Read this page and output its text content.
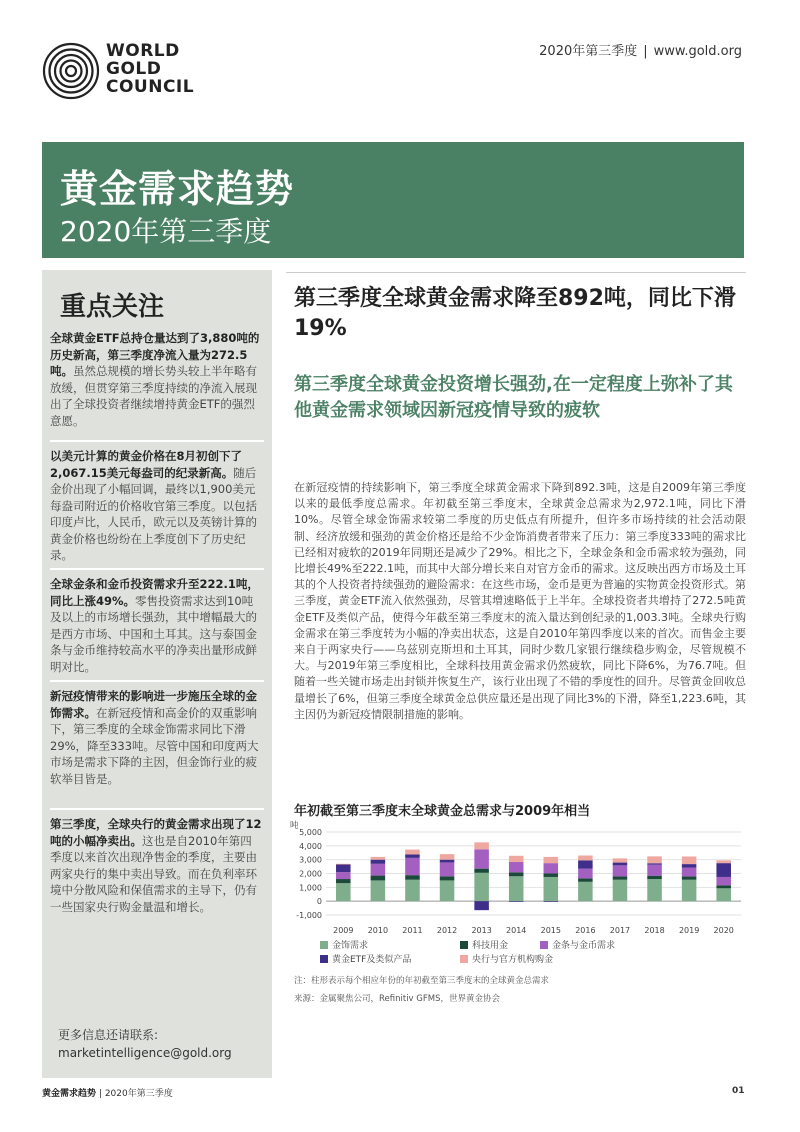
WORLD
GOLD
COUNCIL
2020年第三季度 | www.gold.org
黄金需求趋势
2020年第三季度
重点关注
全球黄金ETF总持仓量达到了3,880吨的历史新高，第三季度净流入量为272.5吨。虽然总规模的增长势头较上半年略有放缓，但贯穿第三季度持续的净流入展现出了全球投资者继续增持黄金ETF的强烈意愿。
以美元计算的黄金价格在8月初创下了2,067.15美元每盎司的纪录新高。随后金价出现了小幅回调，最终以1,900美元每盎司附近的价格收官第三季度。以包括印度卢比，人民币，欧元以及英镑计算的黄金价格也纷纷在上季度创下了历史纪录。
全球金条和金币投资需求升至222.1吨，同比上涨49%。零售投资需求达到10吨及以上的市场增长强劲，其中增幅最大的是西方市场、中国和土耳其。这与泰国金条与金币维持较高水平的净卖出量形成鲜明对比。
新冠疫情带来的影响进一步施压全球的金饰需求。在新冠疫情和高金价的双重影响下，第三季度的全球金饰需求同比下滑29%，降至333吨。尽管中国和印度两大市场是需求下降的主因，但金饰行业的疲软举目皆是。
第三季度，全球央行的黄金需求出现了12吨的小幅净卖出。这也是自2010年第四季度以来首次出现净售金的季度，主要由两家央行的集中卖出导致。而在负利率环境中分散风险和保值需求的主导下，仍有一些国家央行购金量温和增长。
更多信息还请联系:
marketintelligence@gold.org
第三季度全球黄金需求降至892吨，同比下滑19%
第三季度全球黄金投资增长强劲,在一定程度上弥补了其他黄金需求领域因新冠疫情导致的疲软
在新冠疫情的持续影响下，第三季度全球黄金需求下降到892.3吨，这是自2009年第三季度以来的最低季度总需求。年初截至第三季度末，全球黄金总需求为2,972.1吨，同比下滑10%。尽管全球金饰需求较第二季度的历史低点有所提升，但许多市场持续的社会活动限制、经济放缓和强劲的黄金价格还是给不少金饰消费者带来了压力：第三季度333吨的需求比已经相对疲软的2019年同期还是减少了29%。相比之下，全球金条和金币需求较为强劲，同比增长49%至222.1吨，而其中大部分增长来自对官方金币的需求。这反映出西方市场及土耳其的个人投资者持续强劲的避险需求：在这些市场，金币是更为普遍的实物黄金投资形式。第三季度，黄金ETF流入依然强劲，尽管其增速略低于上半年。全球投资者共增持了272.5吨黄金ETF及类似产品，使得今年截至第三季度末的流入量达到创纪录的1,003.3吨。全球央行购金需求在第三季度转为小幅的净卖出状态，这是自2010年第四季度以来的首次。而售金主要来自于两家央行——乌兹别克斯坦和土耳其，同时少数几家银行继续稳步购金，尽管规模不大。与2019年第三季度相比，全球科技用黄金需求仍然疲软，同比下降6%，为76.7吨。但随着一些关键市场走出封锁并恢复生产，该行业出现了不错的季度性的回升。尽管黄金回收总量增长了6%，但第三季度全球黄金总供应量还是出现了同比3%的下滑，降至1,223.6吨，其主因仍为新冠疫情限制措施的影响。
年初截至第三季度末全球黄金总需求与2009年相当
吨
-1,000
0
1,000
2,000
3,000
4,000
5,000
2009 2010 2011 2012 2013 2014 2015 2016 2017 2018 2019 2020
金饰需求	科技用金	金条与金币需求
黄金ETF及类似产品	央行与官方机构购金
注：柱形表示每个相应年份的年初截至第三季度末的全球黄金总需求
来源：金属聚焦公司，Refinitiv GFMS，世界黄金协会
黄金需求趋势 | 2020年第三季度	01
